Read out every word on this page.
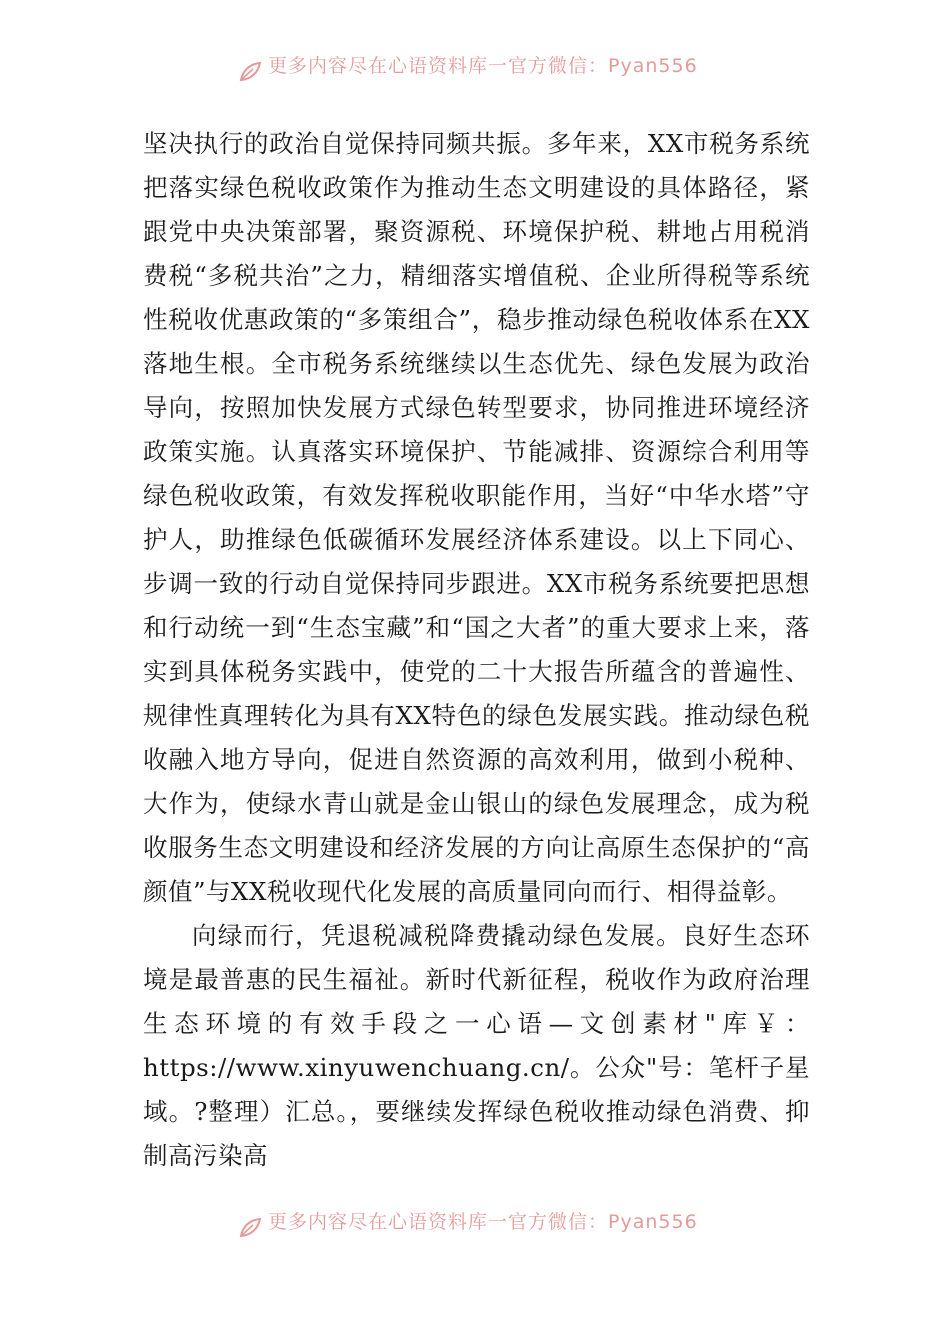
更多内容尽在心语资料库一官方微信：Pyan556

坚决执行的政治自觉保持同频共振。多年来，XX市税务系统把落实绿色税收政策作为推动生态文明建设的具体路径，紧跟党中央决策部署，聚资源税、环境保护税、耕地占用税消费税“多税共治”之力，精细落实增值税、企业所得税等系统性税收优惠政策的“多策组合”，稳步推动绿色税收体系在XX落地生根。全市税务系统继续以生态优先、绿色发展为政治导向，按照加快发展方式绿色转型要求，协同推进环境经济政策实施。认真落实环境保护、节能减排、资源综合利用等绿色税收政策，有效发挥税收职能作用，当好“中华水塔”守护人，助推绿色低碳循环发展经济体系建设。以上下同心、步调一致的行动自觉保持同步跟进。XX市税务系统要把思想和行动统一到“生态宝藏”和“国之大者”的重大要求上来，落实到具体税务实践中，使党的二十大报告所蕴含的普遍性、规律性真理转化为具有XX特色的绿色发展实践。推动绿色税收融入地方导向，促进自然资源的高效利用，做到小税种、大作为，使绿水青山就是金山银山的绿色发展理念，成为税收服务生态文明建设和经济发展的方向让高原生态保护的“高颜值”与XX税收现代化发展的高质量同向而行、相得益彰。

向绿而行，凭退税减税降费撬动绿色发展。良好生态环境是最普惠的民生福祉。新时代新征程，税收作为政府治理生态环境的有效手段之一心语—文创素材"库￥：https://www.xinyuwenchuang.cn/。公众"号：笔杆子星域。?整理）汇总。，要继续发挥绿色税收推动绿色消费、抑制高污染高

更多内容尽在心语资料库一官方微信：Pyan556
